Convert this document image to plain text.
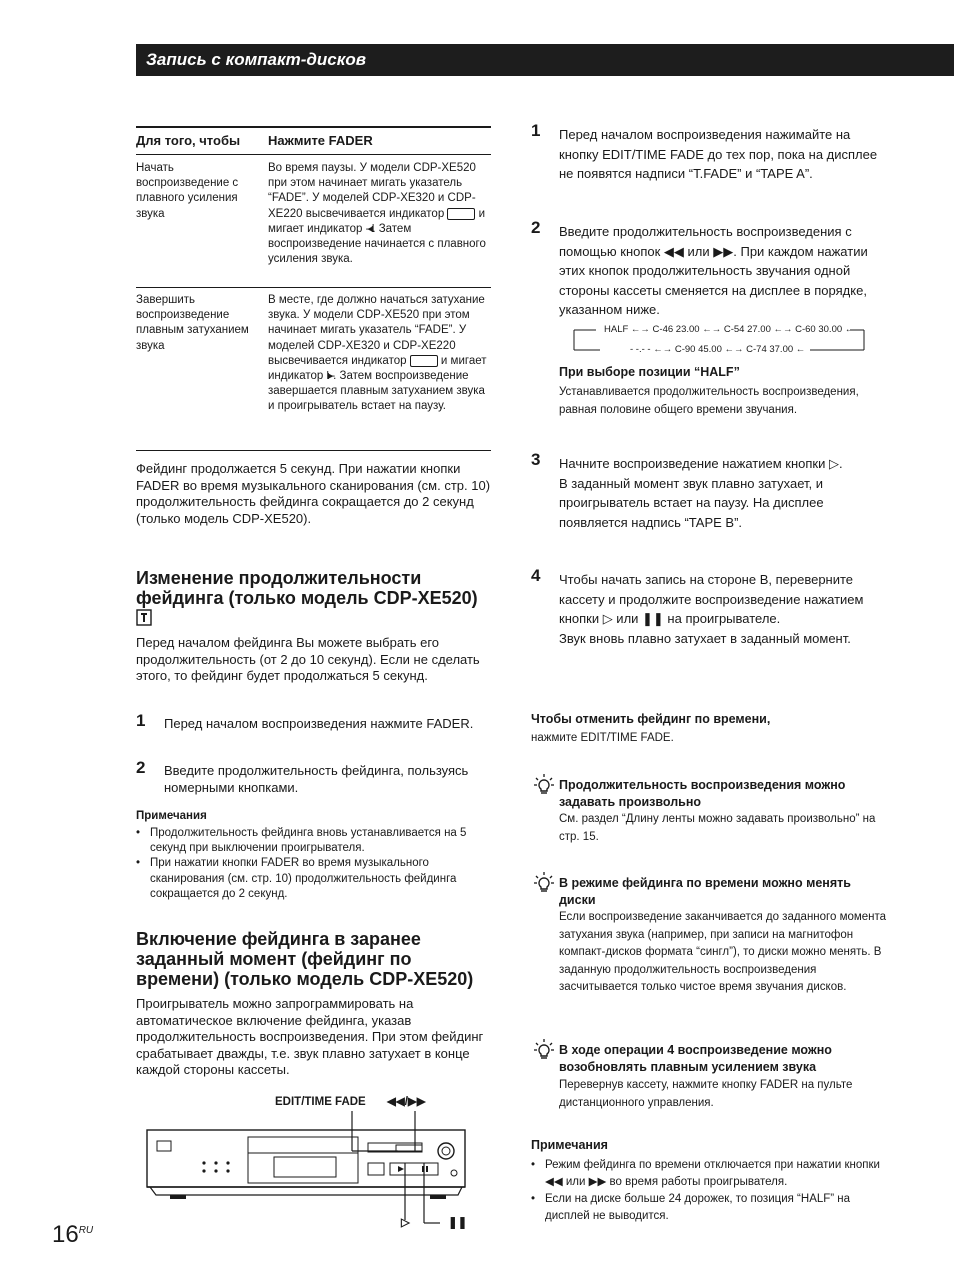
Запись с компакт-дисков
Для того, чтобы	Нажмите FADER
Начать воспроизведение с плавного усиления звука
Во время паузы. У модели CDP-XE520 при этом начинает мигать указатель “FADE”. У моделей CDP-XE320 и CDP-XE220 высвечивается индикатор	и мигает индикатор -◂ıl. Затем воспроизведение начинается с плавного усиления звука.
Завершить воспроизведение плавным затуханием звука
В месте, где должно начаться затухание звука. У модели CDP-XE520 при этом начинает мигать указатель “FADE”. У моделей CDP-XE320 и CDP-XE220 высвечивается индикатор	и мигает индикатор lı▸-. Затем воспроизведение завершается плавным затуханием звука и проигрыватель встает на паузу.
Фейдинг продолжается 5 секунд. При нажатии кнопки FADER во время музыкального сканирования (см. стр. 10) продолжительность фейдинга сокращается до 2 секунд (только модель CDP-XE520).
Изменение продолжительности фейдинга (только модель CDP-XE520)
Перед началом фейдинга Вы можете выбрать его продолжительность (от 2 до 10 секунд). Если не сделать этого, то фейдинг будет продолжаться 5 секунд.
1 Перед началом воспроизведения нажмите FADER.
2 Введите продолжительность фейдинга, пользуясь номерными кнопками.
Примечания
• Продолжительность фейдинга вновь устанавливается на 5 секунд при выключении проигрывателя.
• При нажатии кнопки FADER во время музыкального сканирования (см. стр. 10) продолжительность фейдинга сокращается до 2 секунд.
Включение фейдинга в заранее заданный момент (фейдинг по времени) (только модель CDP-XE520)
Проигрыватель можно запрограммировать на автоматическое включение фейдинга, указав продолжительность воспроизведения. При этом фейдинг срабатывает дважды, т.е. звук плавно затухает в конце каждой стороны кассеты.
EDIT/TIME FADE ◀◀/▶▶
▷	❚❚
1 Перед началом воспроизведения нажимайте на кнопку EDIT/TIME FADE до тех пор, пока на дисплее не появятся надписи “T.FADE” и “TAPE A”.
2 Введите продолжительность воспроизведения с помощью кнопок ◀◀ или ▶▶. При каждом нажатии этих кнопок продолжительность звучания одной стороны кассеты сменяется на дисплее в порядке, указанном ниже.
HALF ←→ C-46 23.00 ←→ C-54 27.00 ←→ C-60 30.00 ←
- -.- - ←→ C-90 45.00 ←→ C-74 37.00 ←
При выборе позиции “HALF”
Устанавливается продолжительность воспроизведения, равная половине общего времени звучания.
3 Начните воспроизведение нажатием кнопки ▷.
В заданный момент звук плавно затухает, и проигрыватель встает на паузу. На дисплее появляется надпись “TAPE B”.
4 Чтобы начать запись на стороне B, переверните кассету и продолжите воспроизведение нажатием кнопки ▷ или ❚❚ на проигрывателе.
Звук вновь плавно затухает в заданный момент.
Чтобы отменить фейдинг по времени,
нажмите EDIT/TIME FADE.
Продолжительность воспроизведения можно задавать произвольно
См. раздел “Длину ленты можно задавать произвольно” на стр. 15.
В режиме фейдинга по времени можно менять диски
Если воспроизведение заканчивается до заданного момента затухания звука (например, при записи на магнитофон компакт-дисков формата “сингл”), то диски можно менять. В заданную продолжительность воспроизведения засчитывается только чистое время звучания дисков.
В ходе операции 4 воспроизведение можно возобновлять плавным усилением звука
Перевернув кассету, нажмите кнопку FADER на пульте дистанционного управления.
Примечания
• Режим фейдинга по времени отключается при нажатии кнопки ◀◀ или ▶▶ во время работы проигрывателя.
• Если на диске больше 24 дорожек, то позиция “HALF” на дисплей не выводится.
$16^{RU}$
